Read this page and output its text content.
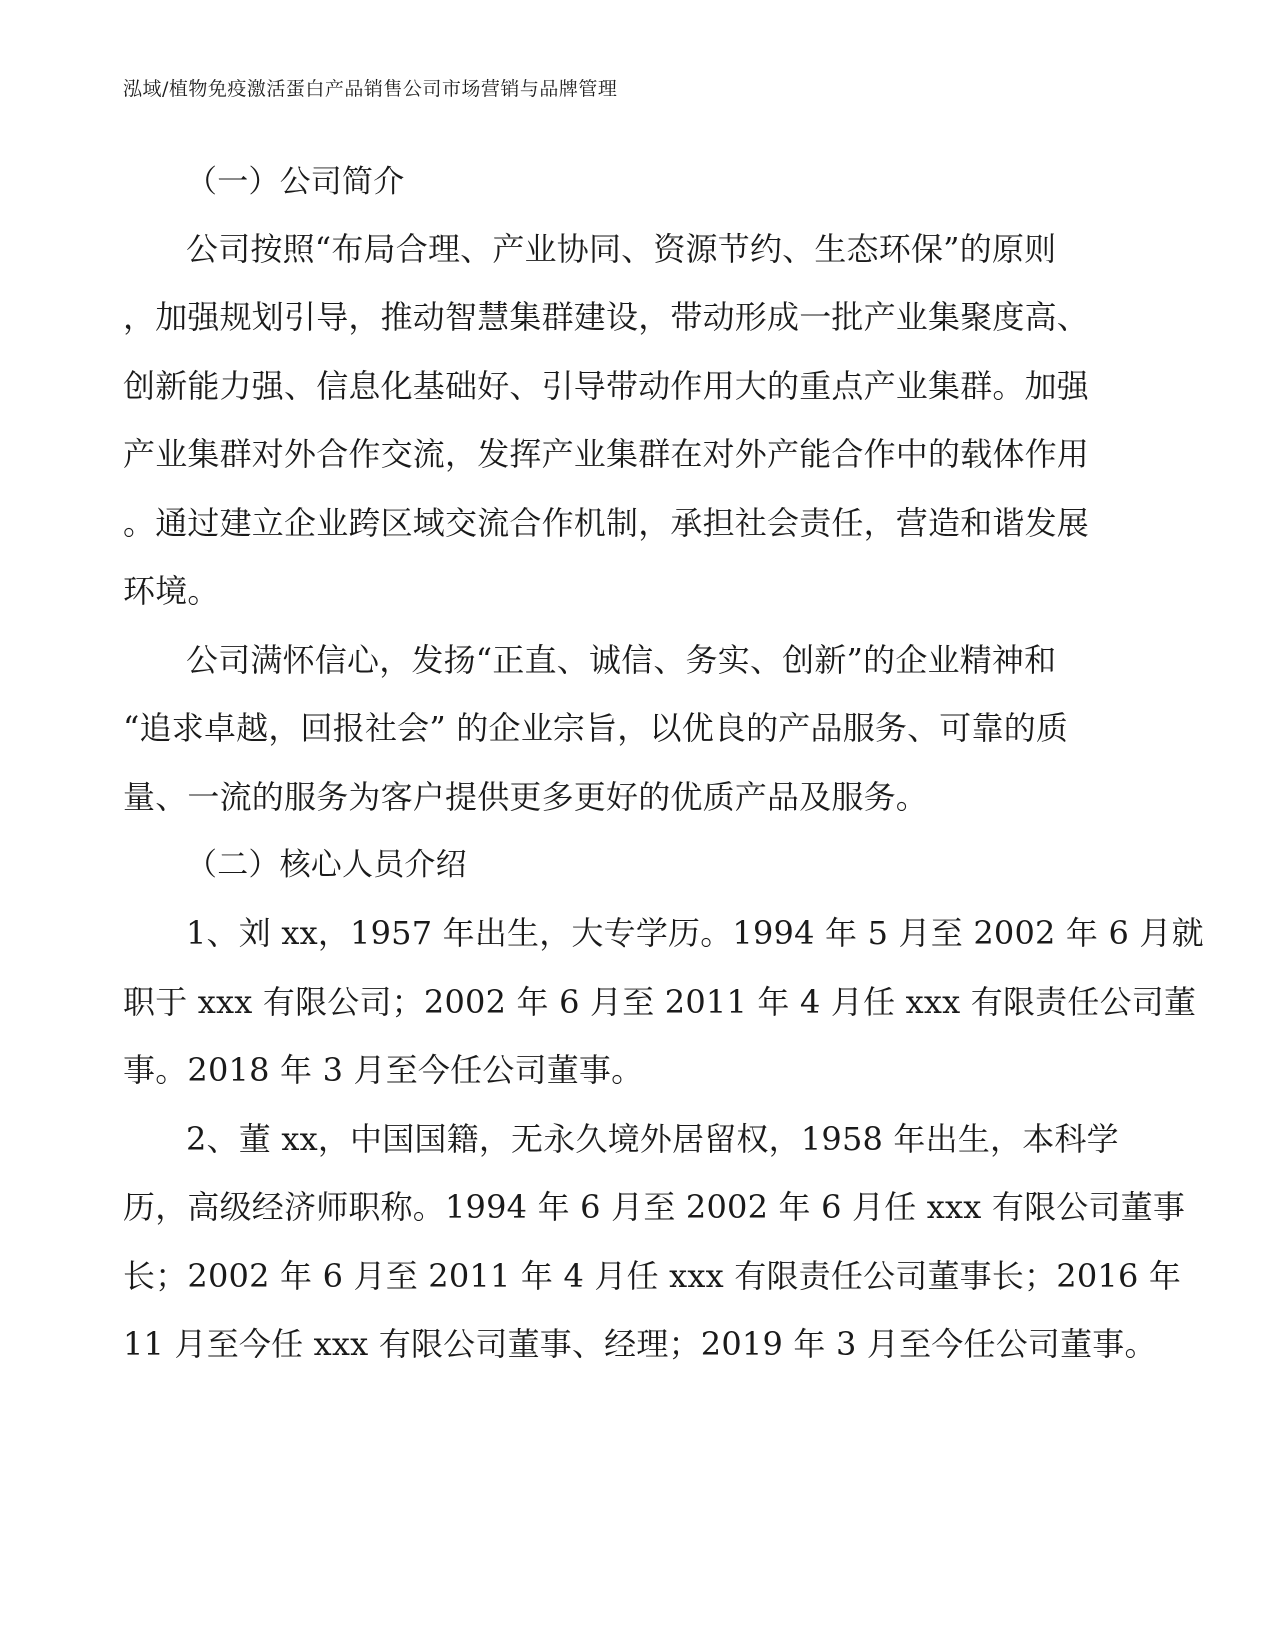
泓域/植物免疫激活蛋白产品销售公司市场营销与品牌管理
（一）公司简介
公司按照“布局合理、产业协同、资源节约、生态环保”的原则
，加强规划引导，推动智慧集群建设，带动形成一批产业集聚度高、
创新能力强、信息化基础好、引导带动作用大的重点产业集群。加强
产业集群对外合作交流，发挥产业集群在对外产能合作中的载体作用
。通过建立企业跨区域交流合作机制，承担社会责任，营造和谐发展
环境。
公司满怀信心，发扬“正直、诚信、务实、创新”的企业精神和
“追求卓越，回报社会” 的企业宗旨，以优良的产品服务、可靠的质
量、一流的服务为客户提供更多更好的优质产品及服务。
（二）核心人员介绍
1、刘 xx，1957 年出生，大专学历。1994 年 5 月至 2002 年 6 月就
职于 xxx 有限公司；2002 年 6 月至 2011 年 4 月任 xxx 有限责任公司董
事。2018 年 3 月至今任公司董事。
2、董 xx，中国国籍，无永久境外居留权，1958 年出生，本科学
历，高级经济师职称。1994 年 6 月至 2002 年 6 月任 xxx 有限公司董事
长；2002 年 6 月至 2011 年 4 月任 xxx 有限责任公司董事长；2016 年
11 月至今任 xxx 有限公司董事、经理；2019 年 3 月至今任公司董事。
